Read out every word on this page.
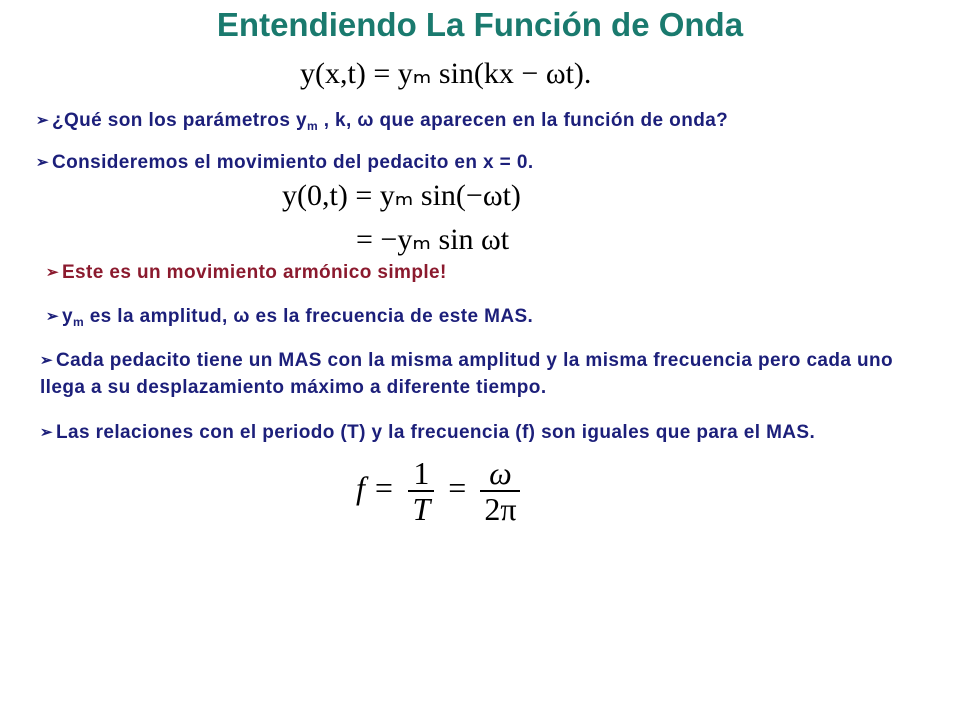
Entendiendo La Función de Onda
y(x,t) = yₘ sin(kx − ωt).
➢ ¿Qué son los parámetros $y_m$ , k, ω que aparecen en la función de onda?
➢ Consideremos el movimiento del pedacito en x = 0.
y(0,t) = yₘ sin(−ωt)
= −yₘ sin ωt
➢ Este es un movimiento armónico simple!
➢ $y_m$ es la amplitud, ω es la frecuencia de este MAS.
➢ Cada pedacito tiene un MAS con la misma amplitud y la misma frecuencia pero cada uno llega a su desplazamiento máximo a diferente tiempo.
➢ Las relaciones con el periodo (T) y la frecuencia (f) son iguales que para el MAS.
$f = \frac{1}{T} = \frac{\omega}{2\pi}$
